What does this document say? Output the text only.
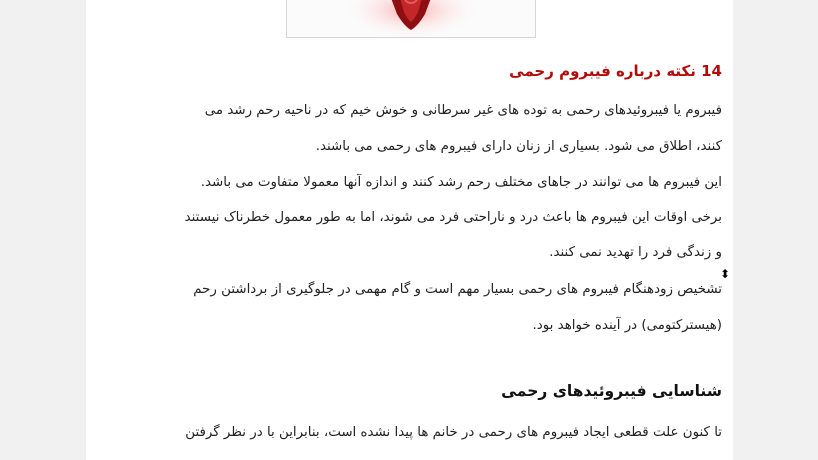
14 نکته درباره فیبروم رحمی

فیبروم یا فیبروئیدهای رحمی به توده های غیر سرطانی و خوش خیم که در ناحیه رحم رشد می

کنند، اطلاق می شود. بسیاری از زنان دارای فیبروم های رحمی می باشند.

این فیبروم ها می توانند در جاهای مختلف رحم رشد کنند و اندازه آنها معمولا متفاوت می باشد.

برخی اوقات این فیبروم ها باعث درد و ناراحتی فرد می شوند، اما به طور معمول خطرناک نیستند

و زندگی فرد را تهدید نمی کنند.

تشخیص زودهنگام فیبروم های رحمی بسیار مهم است و گام مهمی در جلوگیری از برداشتن رحم

(هیسترکتومی) در آینده خواهد بود.

شناسایی فیبروئیدهای رحمی

تا کنون علت قطعی ایجاد فیبروم های رحمی در خانم ها پیدا نشده است، بنابراین با در نظر گرفتن

⬍
